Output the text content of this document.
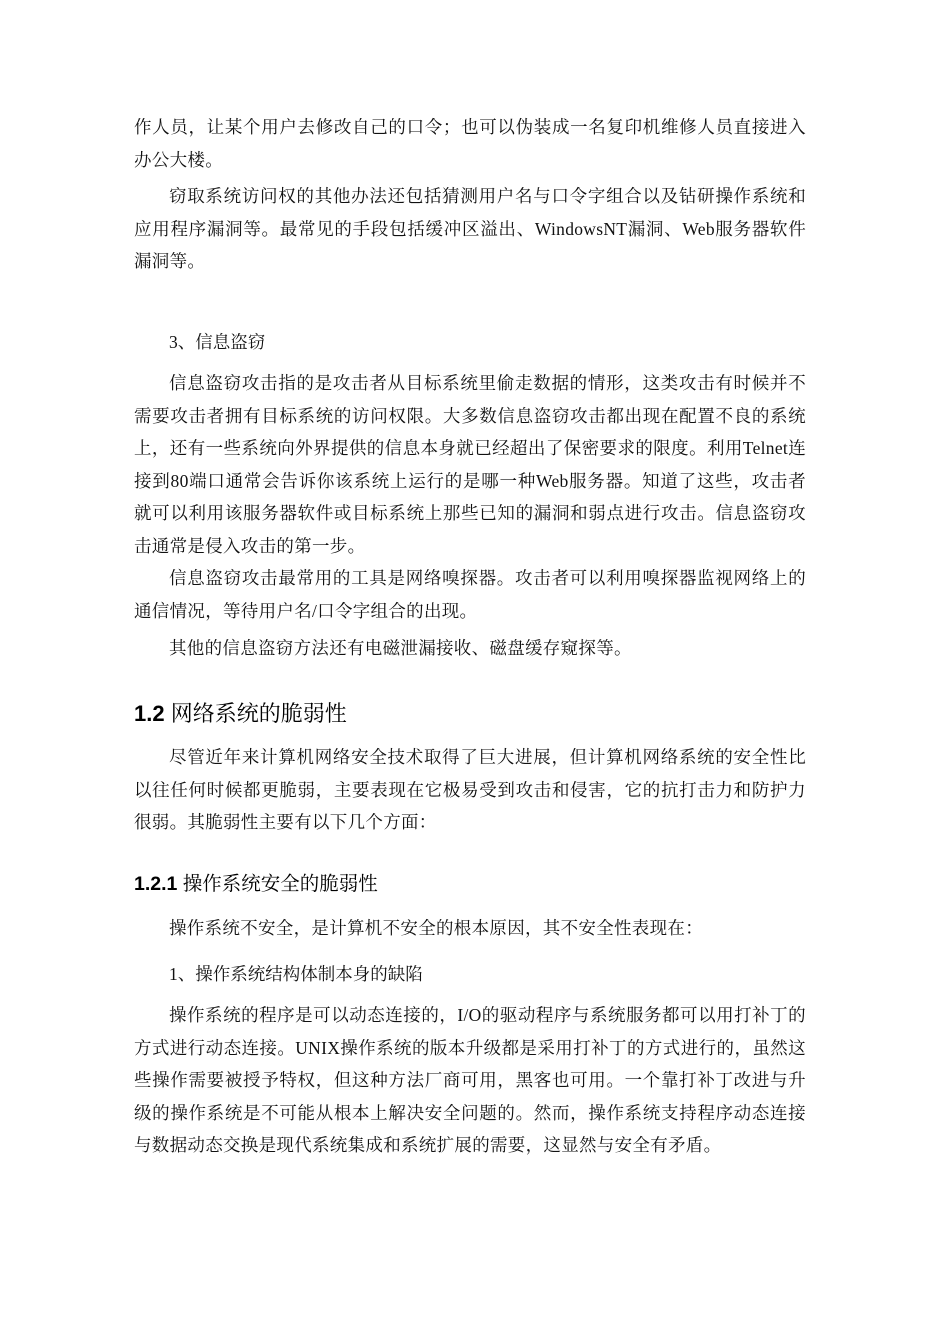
作人员，让某个用户去修改自己的口令；也可以伪装成一名复印机维修人员直接进入办公大楼。
窃取系统访问权的其他办法还包括猜测用户名与口令字组合以及钻研操作系统和应用程序漏洞等。最常见的手段包括缓冲区溢出、WindowsNT漏洞、Web服务器软件漏洞等。
3、信息盗窃
信息盗窃攻击指的是攻击者从目标系统里偷走数据的情形，这类攻击有时候并不需要攻击者拥有目标系统的访问权限。大多数信息盗窃攻击都出现在配置不良的系统上，还有一些系统向外界提供的信息本身就已经超出了保密要求的限度。利用Telnet连接到80端口通常会告诉你该系统上运行的是哪一种Web服务器。知道了这些，攻击者就可以利用该服务器软件或目标系统上那些已知的漏洞和弱点进行攻击。信息盗窃攻击通常是侵入攻击的第一步。
信息盗窃攻击最常用的工具是网络嗅探器。攻击者可以利用嗅探器监视网络上的通信情况，等待用户名/口令字组合的出现。
其他的信息盗窃方法还有电磁泄漏接收、磁盘缓存窥探等。
1.2 网络系统的脆弱性
尽管近年来计算机网络安全技术取得了巨大进展，但计算机网络系统的安全性比以往任何时候都更脆弱，主要表现在它极易受到攻击和侵害，它的抗打击力和防护力很弱。其脆弱性主要有以下几个方面：
1.2.1 操作系统安全的脆弱性
操作系统不安全，是计算机不安全的根本原因，其不安全性表现在：
1、操作系统结构体制本身的缺陷
操作系统的程序是可以动态连接的，I/O的驱动程序与系统服务都可以用打补丁的方式进行动态连接。UNIX操作系统的版本升级都是采用打补丁的方式进行的，虽然这些操作需要被授予特权，但这种方法厂商可用，黑客也可用。一个靠打补丁改进与升级的操作系统是不可能从根本上解决安全问题的。然而，操作系统支持程序动态连接与数据动态交换是现代系统集成和系统扩展的需要，这显然与安全有矛盾。
